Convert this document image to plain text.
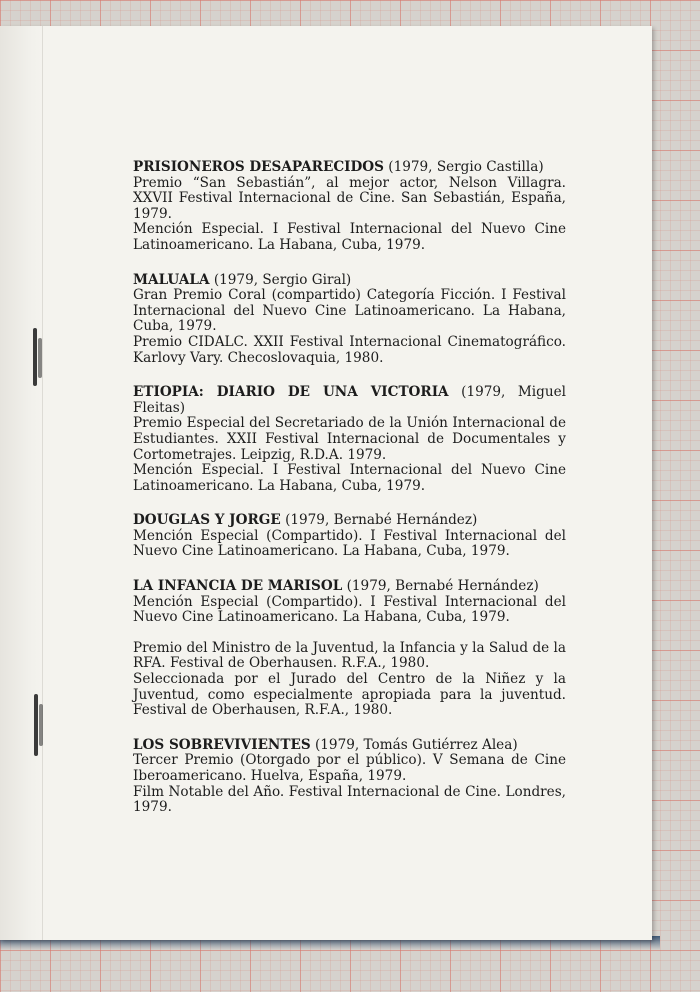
PRISIONEROS DESAPARECIDOS (1979, Sergio Castilla)

Premio “San Sebastián”, al mejor actor, Nelson Villagra. XXVII Festival Internacional de Cine. San Sebastián, España, 1979.

Mención Especial. I Festival Internacional del Nuevo Cine Latinoamericano. La Habana, Cuba, 1979.

MALUALA (1979, Sergio Giral)

Gran Premio Coral (compartido) Categoría Ficción. I Festival Internacional del Nuevo Cine Latinoamericano. La Habana, Cuba, 1979.

Premio CIDALC. XXII Festival Internacional Cinematográfico. Karlovy Vary. Checoslovaquia, 1980.

ETIOPIA: DIARIO DE UNA VICTORIA (1979, Miguel Fleitas)

Premio Especial del Secretariado de la Unión Internacional de Estudiantes. XXII Festival Internacional de Documentales y Cortometrajes. Leipzig, R.D.A. 1979.

Mención Especial. I Festival Internacional del Nuevo Cine Latinoamericano. La Habana, Cuba, 1979.

DOUGLAS Y JORGE (1979, Bernabé Hernández)

Mención Especial (Compartido). I Festival Internacional del Nuevo Cine Latinoamericano. La Habana, Cuba, 1979.

LA INFANCIA DE MARISOL (1979, Bernabé Hernández)

Mención Especial (Compartido). I Festival Internacional del Nuevo Cine Latinoamericano. La Habana, Cuba, 1979.

Premio del Ministro de la Juventud, la Infancia y la Salud de la RFA. Festival de Oberhausen. R.F.A., 1980.

Seleccionada por el Jurado del Centro de la Niñez y la Juventud, como especialmente apropiada para la juventud. Festival de Oberhausen, R.F.A., 1980.

LOS SOBREVIVIENTES (1979, Tomás Gutiérrez Alea)

Tercer Premio (Otorgado por el público). V Semana de Cine Iberoamericano. Huelva, España, 1979.

Film Notable del Año. Festival Internacional de Cine. Londres, 1979.
